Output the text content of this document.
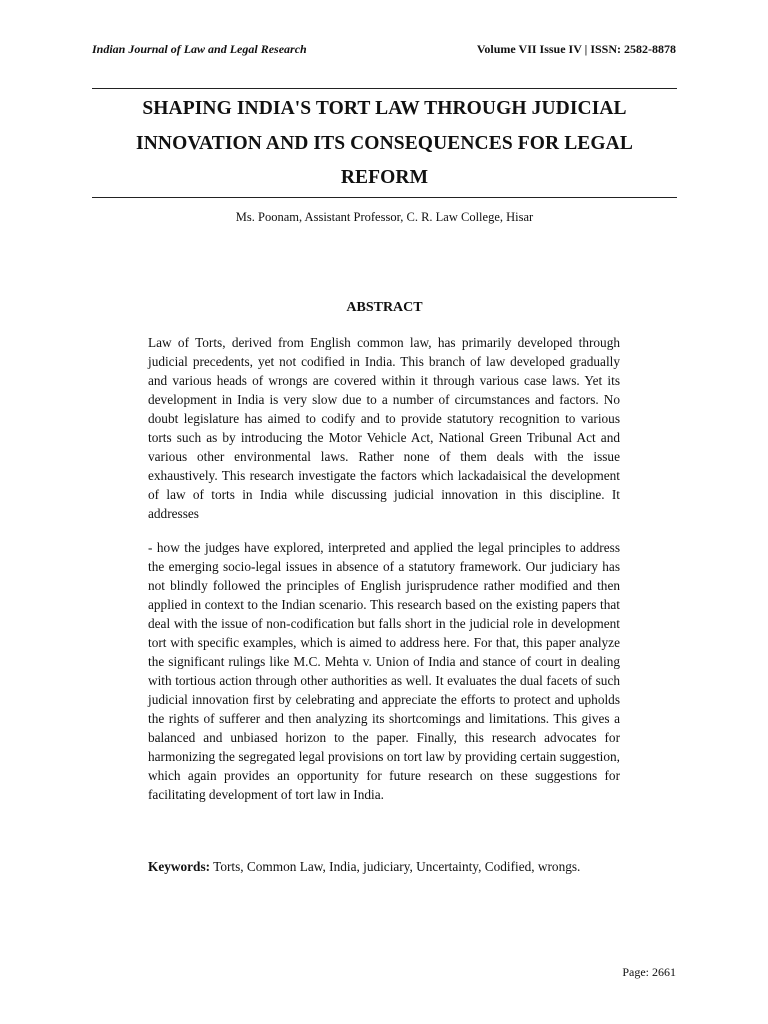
Indian Journal of Law and Legal Research	Volume VII Issue IV | ISSN: 2582-8878
SHAPING INDIA'S TORT LAW THROUGH JUDICIAL INNOVATION AND ITS CONSEQUENCES FOR LEGAL REFORM
Ms. Poonam, Assistant Professor, C. R. Law College, Hisar
ABSTRACT

Law of Torts, derived from English common law, has primarily developed through judicial precedents, yet not codified in India. This branch of law developed gradually and various heads of wrongs are covered within it through various case laws. Yet its development in India is very slow due to a number of circumstances and factors. No doubt legislature has aimed to codify and to provide statutory recognition to various torts such as by introducing the Motor Vehicle Act, National Green Tribunal Act and various other environmental laws. Rather none of them deals with the issue exhaustively. This research investigate the factors which lackadaisical the development of law of torts in India while discussing judicial innovation in this discipline. It addresses

- how the judges have explored, interpreted and applied the legal principles to address the emerging socio-legal issues in absence of a statutory framework. Our judiciary has not blindly followed the principles of English jurisprudence rather modified and then applied in context to the Indian scenario. This research based on the existing papers that deal with the issue of non-codification but falls short in the judicial role in development tort with specific examples, which is aimed to address here. For that, this paper analyze the significant rulings like M.C. Mehta v. Union of India and stance of court in dealing with tortious action through other authorities as well. It evaluates the dual facets of such judicial innovation first by celebrating and appreciate the efforts to protect and upholds the rights of sufferer and then analyzing its shortcomings and limitations. This gives a balanced and unbiased horizon to the paper. Finally, this research advocates for harmonizing the segregated legal provisions on tort law by providing certain suggestion, which again provides an opportunity for future research on these suggestions for facilitating development of tort law in India.

Keywords: Torts, Common Law, India, judiciary, Uncertainty, Codified, wrongs.

Page: 2661
